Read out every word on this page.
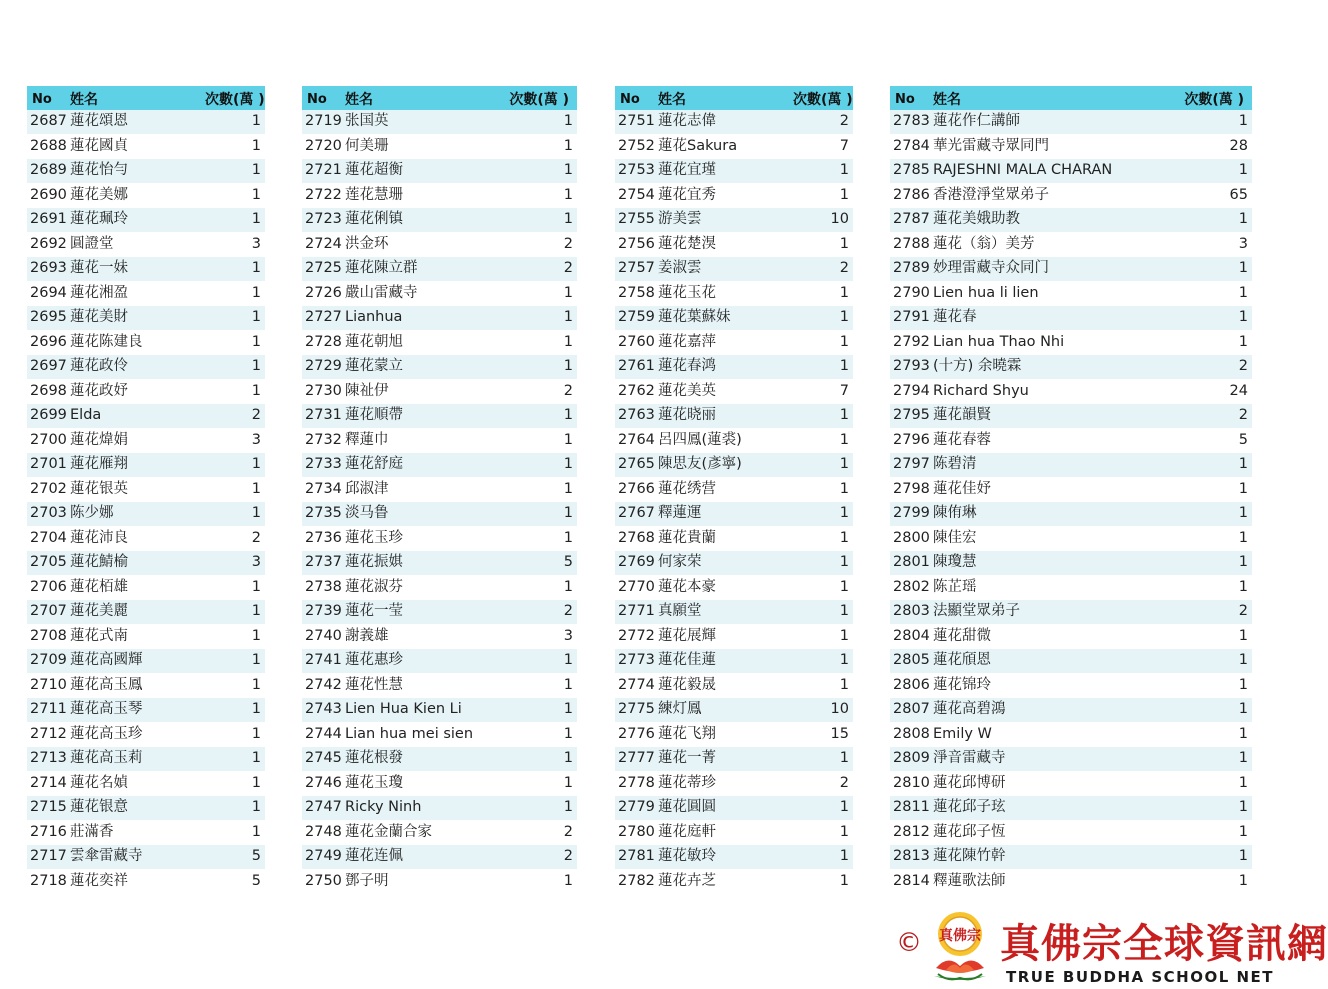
No	姓名	次數(萬 )
2687	蓮花頌恩	1
2688	蓮花國貞	1
2689	蓮花怡勻	1
2690	蓮花美娜	1
2691	蓮花珮玲	1
2692	圓證堂	3
2693	蓮花一妹	1
2694	蓮花湘盈	1
2695	蓮花美財	1
2696	蓮花陈建良	1
2697	蓮花政伶	1
2698	蓮花政妤	1
2699	Elda	2
2700	蓮花煒娟	3
2701	蓮花雁翔	1
2702	蓮花银英	1
2703	陈少娜	1
2704	蓮花沛良	2
2705	蓮花鯖榆	3
2706	蓮花栢雄	1
2707	蓮花美麗	1
2708	蓮花式南	1
2709	蓮花高國輝	1
2710	蓮花高玉鳳	1
2711	蓮花高玉琴	1
2712	蓮花高玉珍	1
2713	蓮花高玉莉	1
2714	蓮花名媜	1
2715	蓮花银意	1
2716	莊滿香	1
2717	雲傘雷藏寺	5
2718	蓮花奕祥	5
No	姓名	次數(萬 )
2719	张国英	1
2720	何美珊	1
2721	蓮花超衡	1
2722	莲花慧珊	1
2723	蓮花俐镇	1
2724	洪金环	2
2725	蓮花陳立群	2
2726	嚴山雷藏寺	1
2727	Lianhua	1
2728	蓮花朝旭	1
2729	蓮花蒙立	1
2730	陳祉伊	2
2731	蓮花順帶	1
2732	釋蓮巾	1
2733	蓮花舒庭	1
2734	邱淑津	1
2735	淡马鲁	1
2736	蓮花玉珍	1
2737	蓮花振娸	5
2738	蓮花淑芬	1
2739	蓮花一莹	2
2740	謝義雄	3
2741	蓮花惠珍	1
2742	蓮花性慧	1
2743	Lien Hua Kien Li	1
2744	Lian hua mei sien	1
2745	蓮花根發	1
2746	蓮花玉瓊	1
2747	Ricky Ninh	1
2748	蓮花金蘭合家	2
2749	蓮花连佩	2
2750	鄧子明	1
No	姓名	次數(萬 )
2751	蓮花志偉	2
2752	蓮花Sakura	7
2753	蓮花宜瑾	1
2754	蓮花宜秀	1
2755	游美雲	10
2756	蓮花楚湨	1
2757	姜淑雲	2
2758	蓮花玉花	1
2759	蓮花葉蘇妹	1
2760	蓮花嘉萍	1
2761	蓮花春鸿	1
2762	蓮花美英	7
2763	蓮花晓丽	1
2764	呂四鳳(蓮裘)	1
2765	陳思友(彥寧)	1
2766	蓮花绣营	1
2767	釋蓮運	1
2768	蓮花貴蘭	1
2769	何家荣	1
2770	蓮花本豪	1
2771	真願堂	1
2772	蓮花展輝	1
2773	蓮花佳蓮	1
2774	蓮花毅晟	1
2775	練灯鳳	10
2776	蓮花飞翔	15
2777	蓮花一菁	1
2778	蓮花蒂珍	2
2779	蓮花圓圓	1
2780	蓮花庭軒	1
2781	蓮花敏玲	1
2782	蓮花卉芝	1
No	姓名	次數(萬 )
2783	蓮花作仁講師	1
2784	華光雷藏寺眾同門	28
2785	RAJESHNI MALA CHARAN	1
2786	香港澄淨堂眾弟子	65
2787	蓮花美娥助教	1
2788	蓮花（翁）美芳	3
2789	妙理雷藏寺众同门	1
2790	Lien hua li lien	1
2791	蓮花春	1
2792	Lian hua Thao Nhi	1
2793	(十方) 余曉霖	2
2794	Richard Shyu	24
2795	蓮花韻賢	2
2796	蓮花春蓉	5
2797	陈碧清	1
2798	蓮花佳妤	1
2799	陳侑琳	1
2800	陳佳宏	1
2801	陳瓊慧	1
2802	陈芷瑶	1
2803	法顯堂眾弟子	2
2804	蓮花甜微	1
2805	蓮花頎恩	1
2806	蓮花锦玲	1
2807	蓮花高碧鴻	1
2808	Emily W	1
2809	淨音雷藏寺	1
2810	蓮花邱博研	1
2811	蓮花邱子玹	1
2812	蓮花邱子恆	1
2813	蓮花陳竹幹	1
2814	釋蓮歌法師	1
© 真佛宗 真佛宗全球資訊網
TRUE BUDDHA SCHOOL NET
